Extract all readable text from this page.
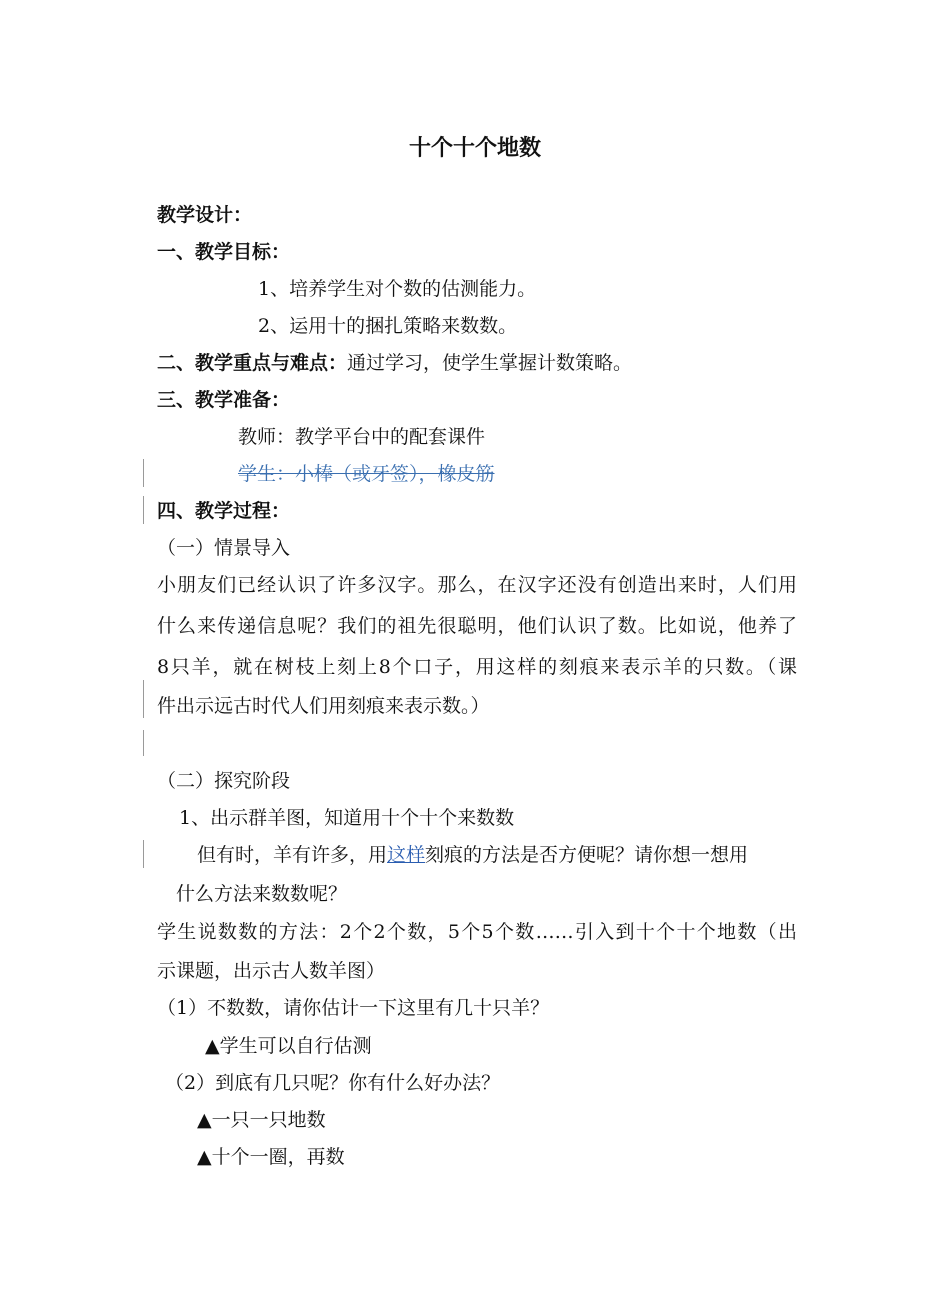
十个十个地数
教学设计：
一、教学目标：
1、培养学生对个数的估测能力。
2、运用十的捆扎策略来数数。
二、教学重点与难点：通过学习，使学生掌握计数策略。
三、教学准备：
教师：教学平台中的配套课件
学生：小棒（或牙签），橡皮筋
四、教学过程：
（一）情景导入
小朋友们已经认识了许多汉字。那么，在汉字还没有创造出来时，人们用
什么来传递信息呢？我们的祖先很聪明，他们认识了数。比如说，他养了
8只羊，就在树枝上刻上8个口子，用这样的刻痕来表示羊的只数。（课
件出示远古时代人们用刻痕来表示数。）
（二）探究阶段
1、出示群羊图，知道用十个十个来数数
但有时，羊有许多，用这样刻痕的方法是否方便呢？请你想一想用
什么方法来数数呢？
学生说数数的方法：2个2个数，5个5个数……引入到十个十个地数（出
示课题，出示古人数羊图）
（1）不数数，请你估计一下这里有几十只羊？
▲学生可以自行估测
（2）到底有几只呢？你有什么好办法？
▲一只一只地数
▲十个一圈，再数
